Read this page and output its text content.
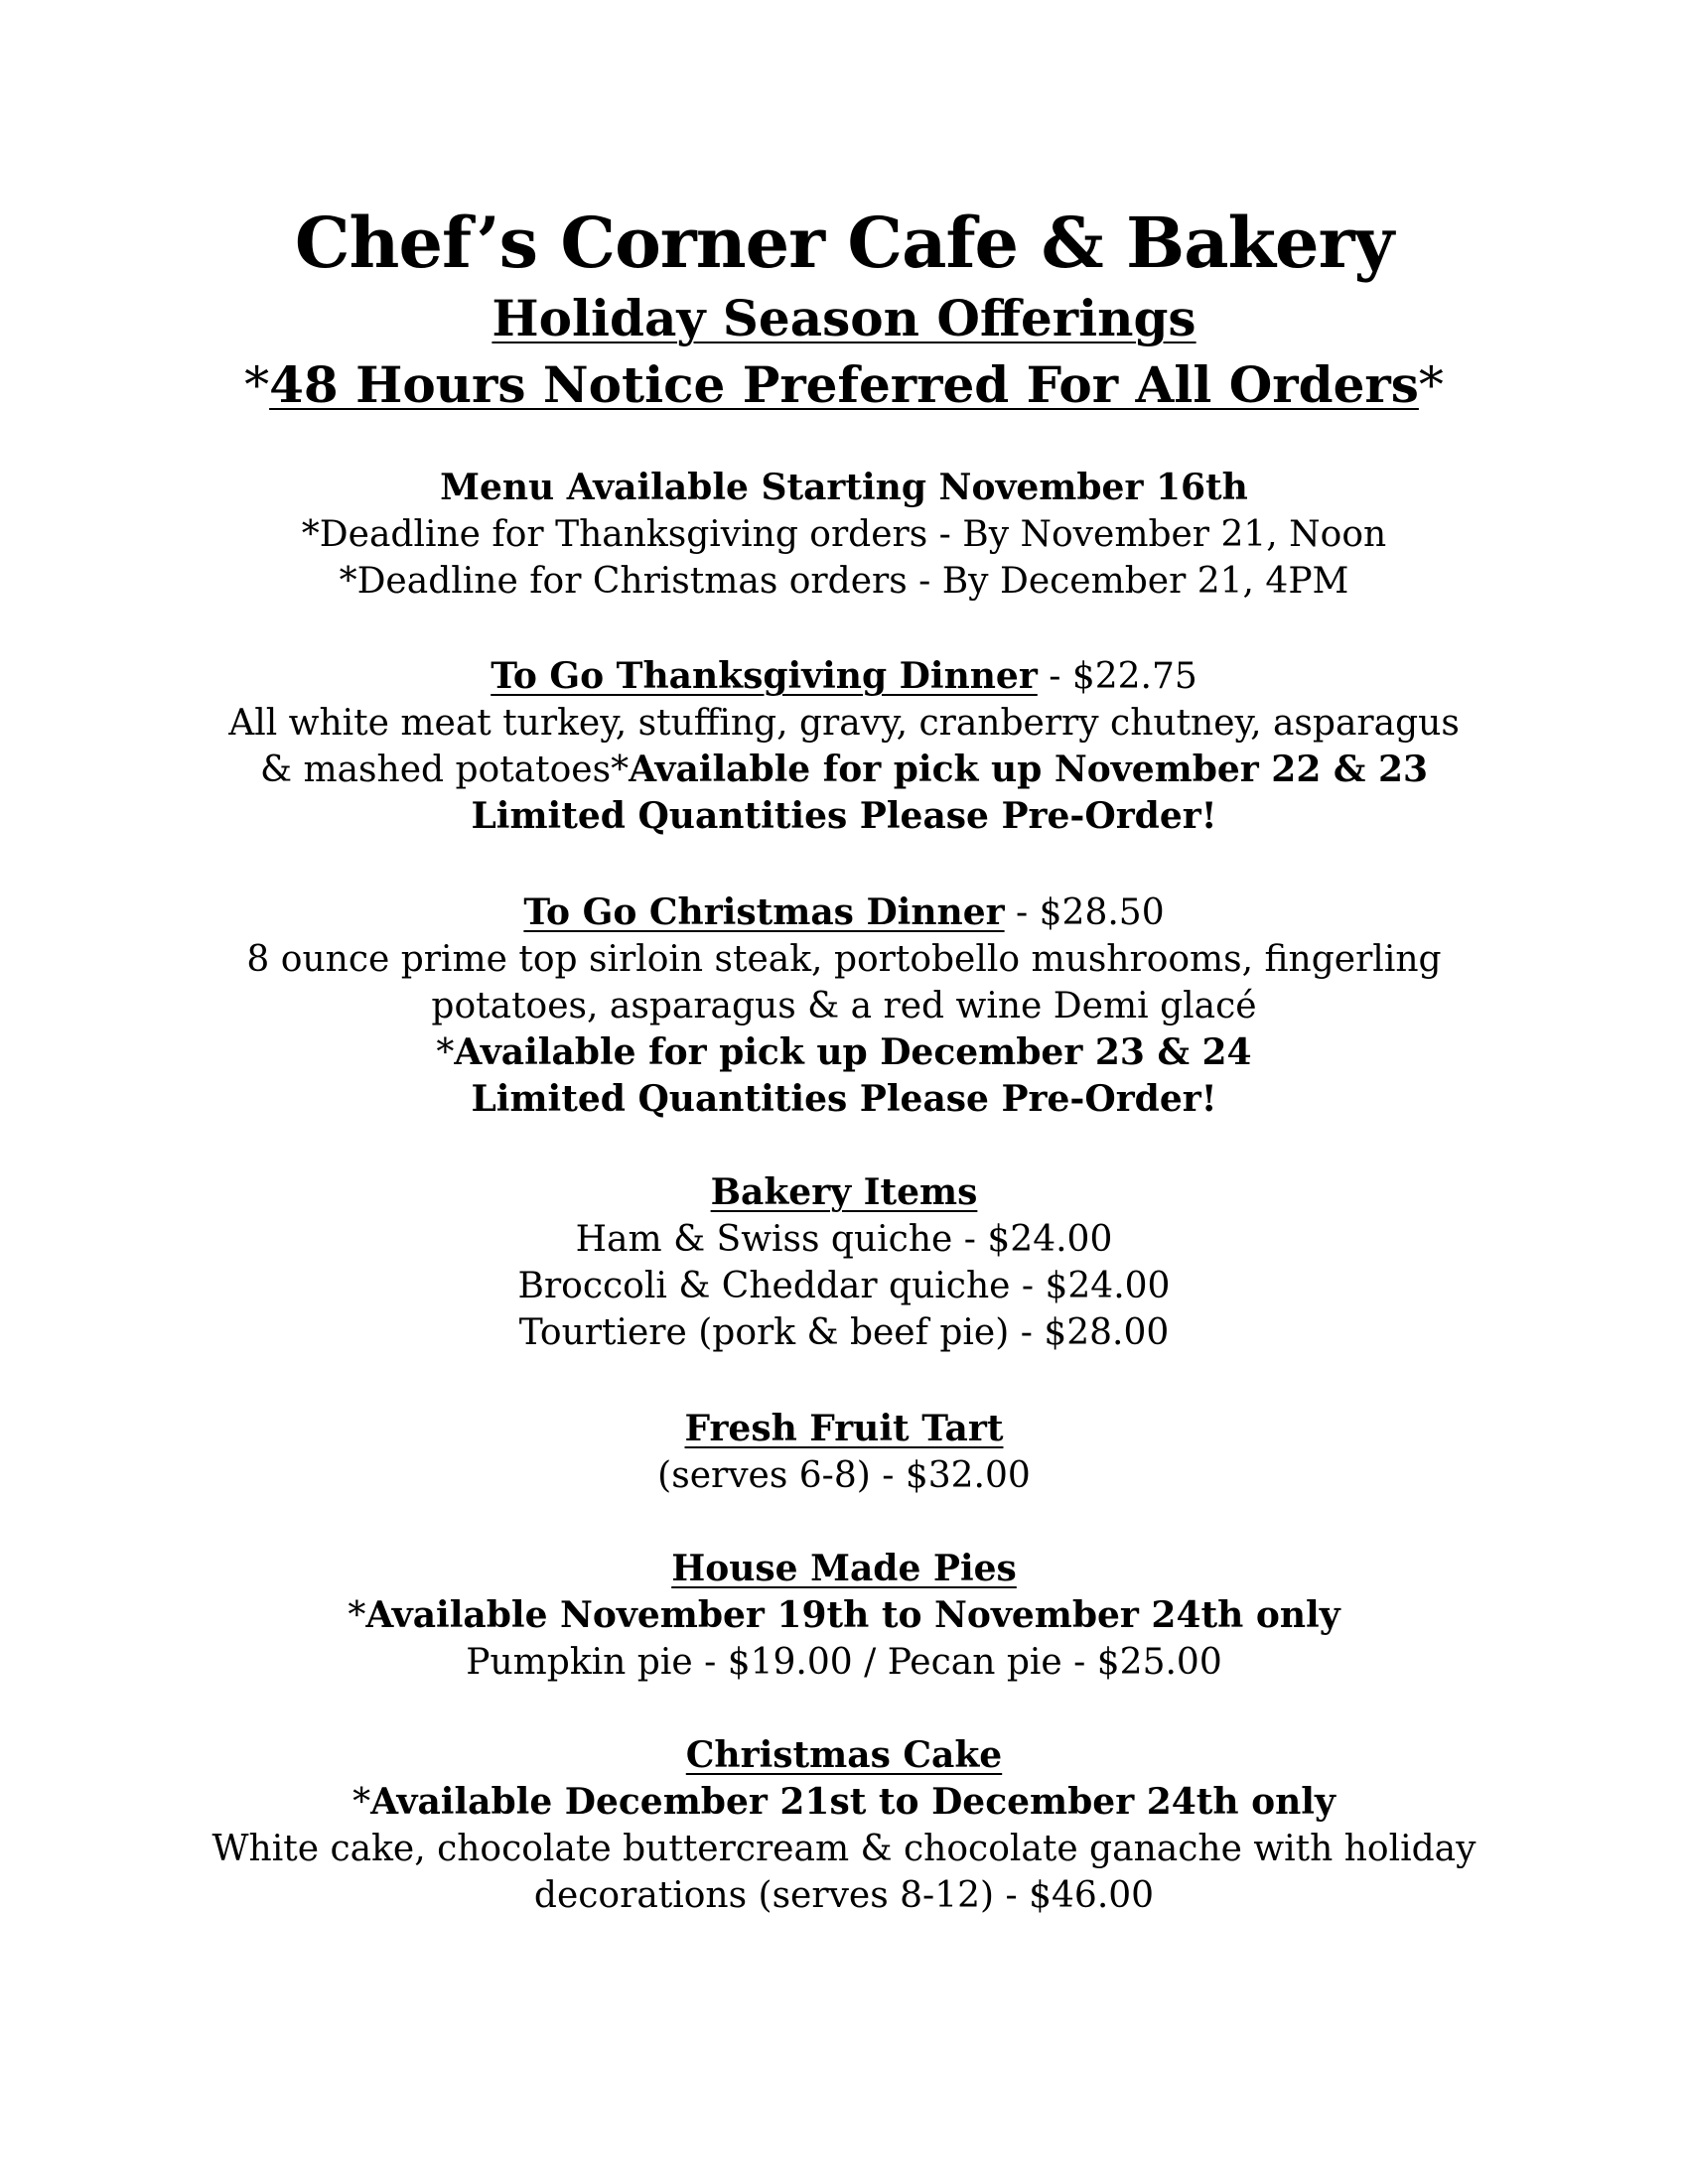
Chef’s Corner Cafe & Bakery
Holiday Season Offerings
*48 Hours Notice Preferred For All Orders*
Menu Available Starting November 16th
*Deadline for Thanksgiving orders - By November 21, Noon
*Deadline for Christmas orders - By December 21, 4PM
To Go Thanksgiving Dinner - $22.75
All white meat turkey, stuffing, gravy, cranberry chutney, asparagus
& mashed potatoes*Available for pick up November 22 & 23
Limited Quantities Please Pre-Order!
To Go Christmas Dinner - $28.50
8 ounce prime top sirloin steak, portobello mushrooms, fingerling
potatoes, asparagus & a red wine Demi glacé
*Available for pick up December 23 & 24
Limited Quantities Please Pre-Order!
Bakery Items
Ham & Swiss quiche - $24.00
Broccoli & Cheddar quiche - $24.00
Tourtiere (pork & beef pie) - $28.00
Fresh Fruit Tart
(serves 6-8) - $32.00
House Made Pies
*Available November 19th to November 24th only
Pumpkin pie - $19.00 / Pecan pie - $25.00
Christmas Cake
*Available December 21st to December 24th only
White cake, chocolate buttercream & chocolate ganache with holiday
decorations (serves 8-12) - $46.00
